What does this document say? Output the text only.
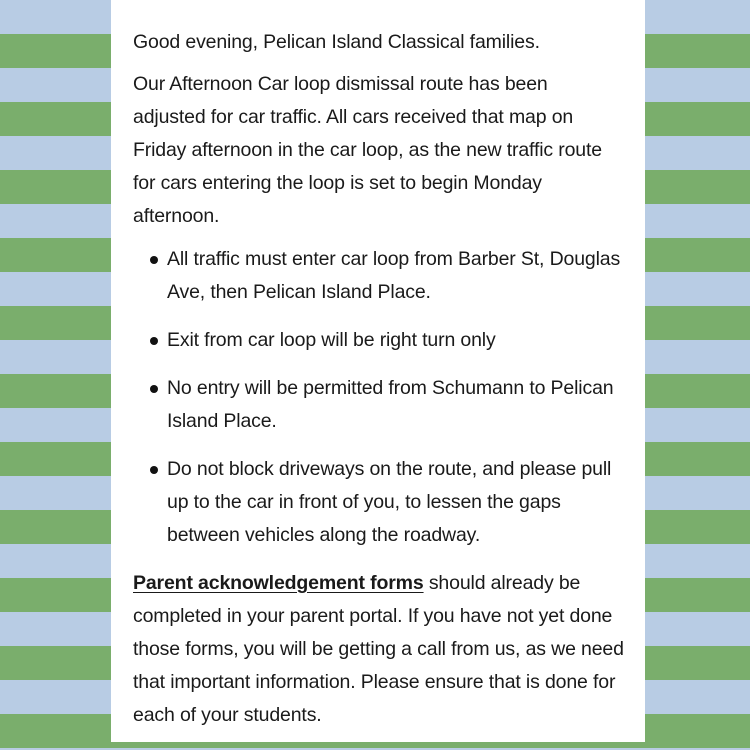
Good evening, Pelican Island Classical families.

Our Afternoon Car loop dismissal route has been adjusted for car traffic. All cars received that map on Friday afternoon in the car loop, as the new traffic route for cars entering the loop is set to begin Monday afternoon.

All traffic must enter car loop from Barber St, Douglas Ave, then Pelican Island Place.
Exit from car loop will be right turn only
No entry will be permitted from Schumann to Pelican Island Place.
Do not block driveways on the route, and please pull up to the car in front of you, to lessen the gaps between vehicles along the roadway.

Parent acknowledgement forms should already be completed in your parent portal. If you have not yet done those forms, you will be getting a call from us, as we need that important information. Please ensure that is done for each of your students.
